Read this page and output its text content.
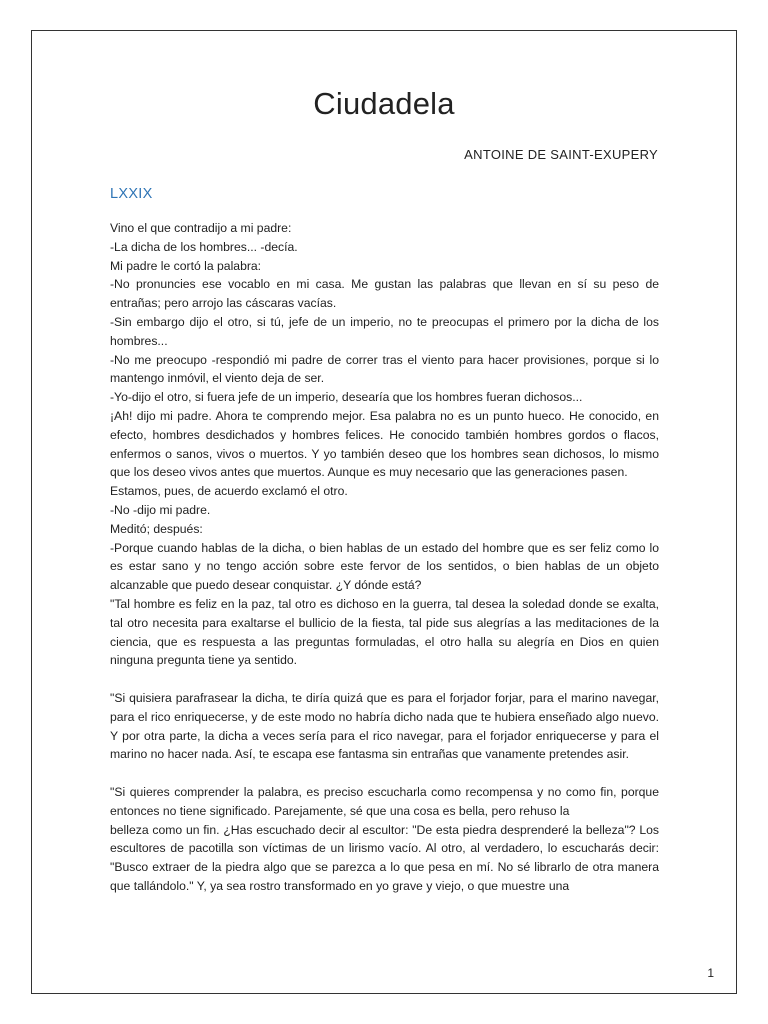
Ciudadela

ANTOINE DE SAINT-EXUPERY

LXXIX

Vino el que contradijo a mi padre:

-La dicha de los hombres... -decía.

Mi padre le cortó la palabra:

-No pronuncies ese vocablo en mi casa. Me gustan las palabras que llevan en sí su peso de entrañas; pero arrojo las cáscaras vacías.

-Sin embargo dijo el otro, si tú, jefe de un imperio, no te preocupas el primero por la dicha de los hombres...

-No me preocupo -respondió mi padre de correr tras el viento para hacer provisiones, porque si lo mantengo inmóvil, el viento deja de ser.

-Yo-dijo el otro, si fuera jefe de un imperio, desearía que los hombres fueran dichosos...

¡Ah! dijo mi padre. Ahora te comprendo mejor. Esa palabra no es un punto hueco. He conocido, en efecto, hombres desdichados y hombres felices. He conocido también hombres gordos o flacos, enfermos o sanos, vivos o muertos. Y yo también deseo que los hombres sean dichosos, lo mismo que los deseo vivos antes que muertos. Aunque es muy necesario que las generaciones pasen.

Estamos, pues, de acuerdo exclamó el otro.

-No -dijo mi padre.

Meditó; después:

-Porque cuando hablas de la dicha, o bien hablas de un estado del hombre que es ser feliz como lo es estar sano y no tengo acción sobre este fervor de los sentidos, o bien hablas de un objeto alcanzable que puedo desear conquistar. ¿Y dónde está?

"Tal hombre es feliz en la paz, tal otro es dichoso en la guerra, tal desea la soledad donde se exalta, tal otro necesita para exaltarse el bullicio de la fiesta, tal pide sus alegrías a las meditaciones de la ciencia, que es respuesta a las preguntas formuladas, el otro halla su alegría en Dios en quien ninguna pregunta tiene ya sentido.

"Si quisiera parafrasear la dicha, te diría quizá que es para el forjador forjar, para el marino navegar, para el rico enriquecerse, y de este modo no habría dicho nada que te hubiera enseñado algo nuevo. Y por otra parte, la dicha a veces sería para el rico navegar, para el forjador enriquecerse y para el marino no hacer nada. Así, te escapa ese fantasma sin entrañas que vanamente pretendes asir.

"Si quieres comprender la palabra, es preciso escucharla como recompensa y no como fin, porque entonces no tiene significado. Parejamente, sé que una cosa es bella, pero rehuso la

belleza como un fin. ¿Has escuchado decir al escultor: "De esta piedra desprenderé la belleza"? Los escultores de pacotilla son víctimas de un lirismo vacío. Al otro, al verdadero, lo escucharás decir: "Busco extraer de la piedra algo que se parezca a lo que pesa en mí. No sé librarlo de otra manera que tallándolo." Y, ya sea rostro transformado en yo grave y viejo, o que muestre una

1
